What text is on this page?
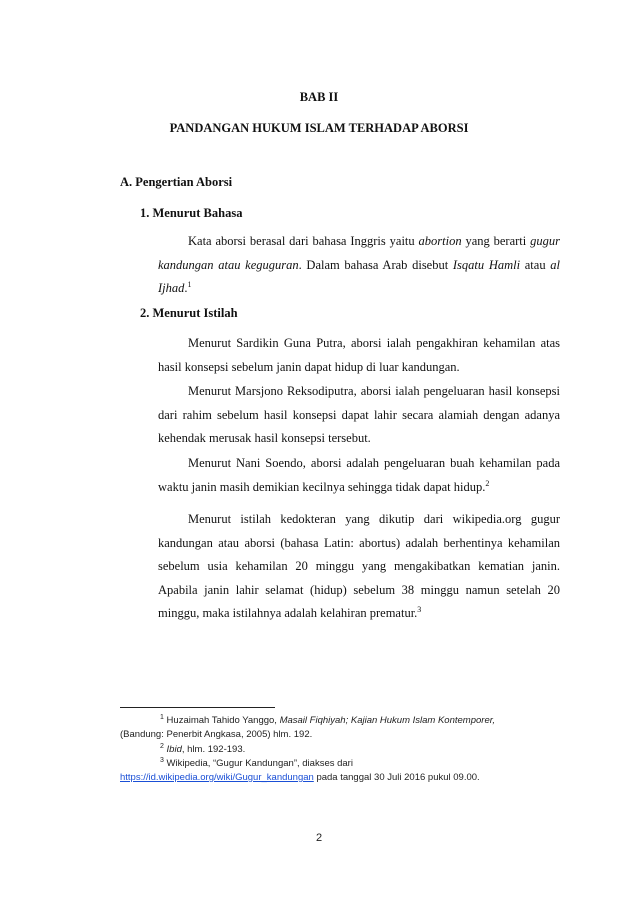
BAB II
PANDANGAN HUKUM ISLAM TERHADAP ABORSI
A. Pengertian Aborsi
1. Menurut Bahasa

Kata aborsi berasal dari bahasa Inggris yaitu abortion yang berarti gugur kandungan atau keguguran. Dalam bahasa Arab disebut Isqatu Hamli atau al Ijhad.$^1$

2. Menurut Istilah

Menurut Sardikin Guna Putra, aborsi ialah pengakhiran kehamilan atas hasil konsepsi sebelum janin dapat hidup di luar kandungan.

Menurut Marsjono Reksodiputra, aborsi ialah pengeluaran hasil konsepsi dari rahim sebelum hasil konsepsi dapat lahir secara alamiah dengan adanya kehendak merusak hasil konsepsi tersebut.

Menurut Nani Soendo, aborsi adalah pengeluaran buah kehamilan pada waktu janin masih demikian kecilnya sehingga tidak dapat hidup.$^2$

Menurut istilah kedokteran yang dikutip dari wikipedia.org gugur kandungan atau aborsi (bahasa Latin: abortus) adalah berhentinya kehamilan sebelum usia kehamilan 20 minggu yang mengakibatkan kematian janin. Apabila janin lahir selamat (hidup) sebelum 38 minggu namun setelah 20 minggu, maka istilahnya adalah kelahiran prematur.$^3$

$^1$ Huzaimah Tahido Yanggo, Masail Fiqhiyah; Kajian Hukum Islam Kontemporer,
(Bandung: Penerbit Angkasa, 2005) hlm. 192.

$^2$ Ibid, hlm. 192-193.

$^3$ Wikipedia, “Gugur Kandungan”, diakses dari
https://id.wikipedia.org/wiki/Gugur_kandungan pada tanggal 30 Juli 2016 pukul 09.00.

2
